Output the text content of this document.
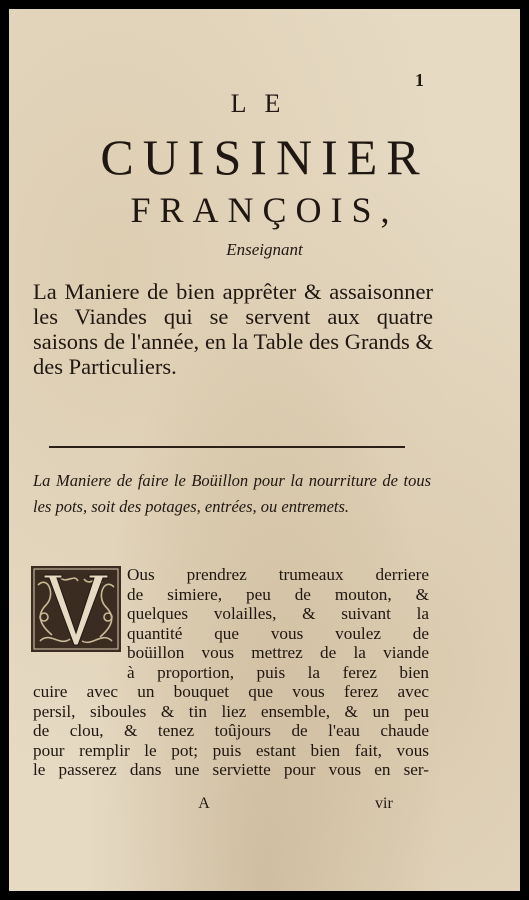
1
LE
CUISINIER
FRANÇOIS,
Enseignant
La Maniere de bien apprêter & assaisonner les Viandes qui se servent aux quatre saisons de l'année, en la Table des Grands & des Particuliers.
La Maniere de faire le Boüillon pour la nourriture de tous les pots, soit des potages, entrées, ou entremets.
Ous prendrez trumeaux derriere
de simiere, peu de mouton, &
quelques volailles, & suivant la
quantité que vous voulez de
boüillon vous mettrez de la viande
à proportion, puis la ferez bien
cuire avec un bouquet que vous ferez avec
persil, siboules & tin liez ensemble, & un peu
de clou, & tenez toûjours de l'eau chaude
pour remplir le pot; puis estant bien fait, vous
le passerez dans une serviette pour vous en ser-
A	vir
